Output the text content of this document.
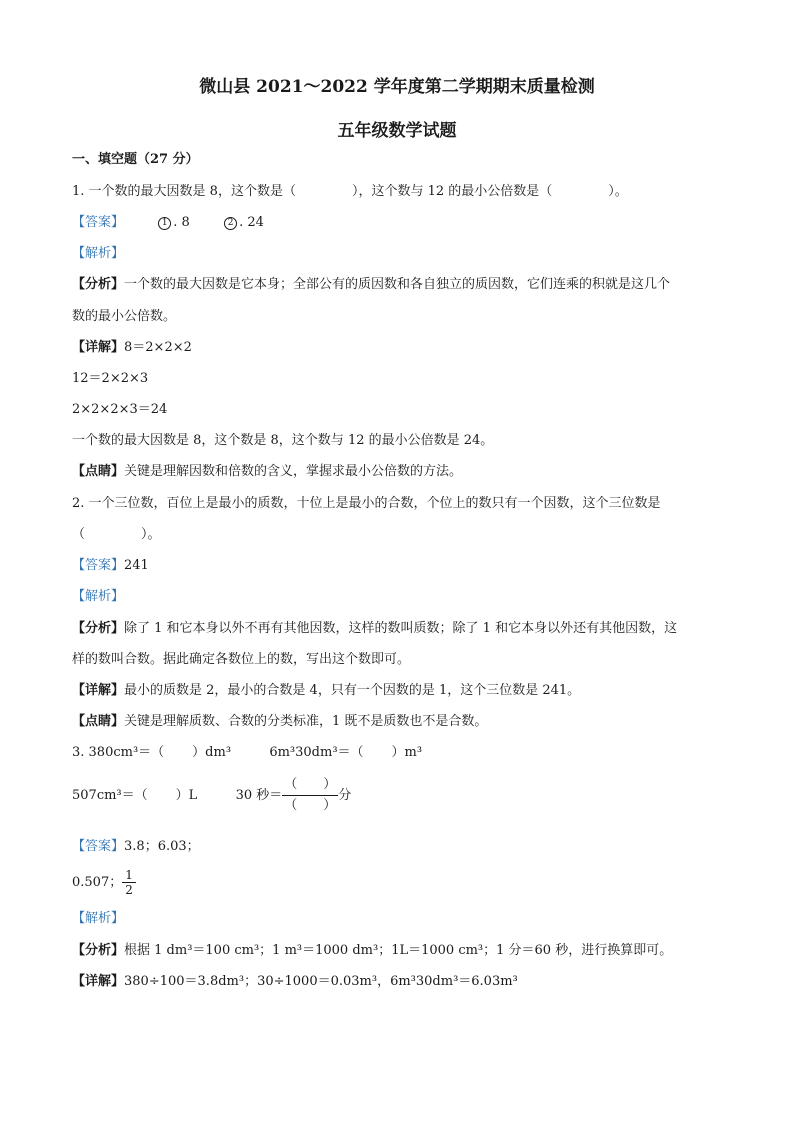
微山县 2021～2022 学年度第二学期期末质量检测
五年级数学试题
一、填空题（27 分）
1. 一个数的最大因数是 8，这个数是（	），这个数与 12 的最小公倍数是（	）。
【答案】	1 . 8	2 . 24
【解析】
【分析】一个数的最大因数是它本身；全部公有的质因数和各自独立的质因数，它们连乘的积就是这几个
数的最小公倍数。
【详解】8＝2×2×2
12＝2×2×3
2×2×2×3＝24
一个数的最大因数是 8，这个数是 8，这个数与 12 的最小公倍数是 24。
【点睛】关键是理解因数和倍数的含义，掌握求最小公倍数的方法。
2. 一个三位数，百位上是最小的质数，十位上是最小的合数，个位上的数只有一个因数，这个三位数是
（	）。
【答案】241
【解析】
【分析】除了 1 和它本身以外不再有其他因数，这样的数叫质数；除了 1 和它本身以外还有其他因数，这
样的数叫合数。据此确定各数位上的数，写出这个数即可。
【详解】最小的质数是 2，最小的合数是 4，只有一个因数的是 1，这个三位数是 241。
【点睛】关键是理解质数、合数的分类标准，1 既不是质数也不是合数。
3. 380cm³＝（ ）dm³	6m³30dm³＝（ ）m³
507cm³＝（ ）L	30 秒＝ $\frac{( )}{( )}$ 分
【答案】3.8；6.03；
0.507； $\frac{1}{2}$
【解析】
【分析】根据 1 dm³＝100 cm³；1 m³＝1000 dm³；1L＝1000 cm³；1 分＝60 秒，进行换算即可。
【详解】380÷100＝3.8dm³；30÷1000＝0.03m³，6m³30dm³＝6.03m³
